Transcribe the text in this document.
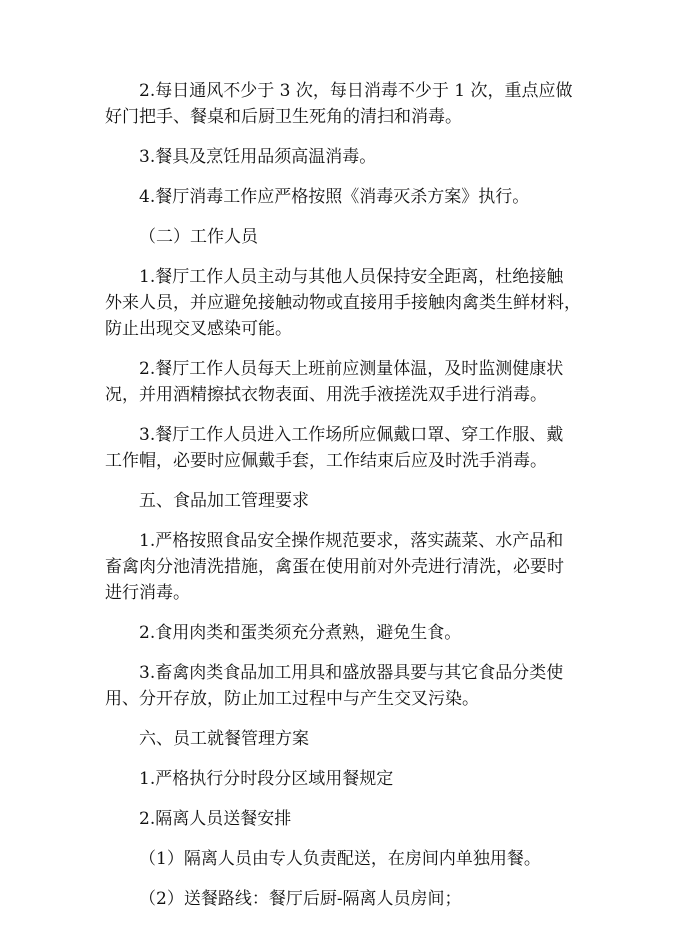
2.每日通风不少于 3 次，每日消毒不少于 1 次，重点应做
好门把手、餐桌和后厨卫生死角的清扫和消毒。

3.餐具及烹饪用品须高温消毒。

4.餐厅消毒工作应严格按照《消毒灭杀方案》执行。

（二）工作人员

1.餐厅工作人员主动与其他人员保持安全距离，杜绝接触
外来人员，并应避免接触动物或直接用手接触肉禽类生鲜材料，
防止出现交叉感染可能。

2.餐厅工作人员每天上班前应测量体温，及时监测健康状
况，并用酒精擦拭衣物表面、用洗手液搓洗双手进行消毒。

3.餐厅工作人员进入工作场所应佩戴口罩、穿工作服、戴
工作帽，必要时应佩戴手套，工作结束后应及时洗手消毒。

五、食品加工管理要求

1.严格按照食品安全操作规范要求，落实蔬菜、水产品和
畜禽肉分池清洗措施，禽蛋在使用前对外壳进行清洗，必要时
进行消毒。

2.食用肉类和蛋类须充分煮熟，避免生食。

3.畜禽肉类食品加工用具和盛放器具要与其它食品分类使
用、分开存放，防止加工过程中与产生交叉污染。

六、员工就餐管理方案

1.严格执行分时段分区域用餐规定

2.隔离人员送餐安排

（1）隔离人员由专人负责配送，在房间内单独用餐。

（2）送餐路线：餐厅后厨-隔离人员房间；
